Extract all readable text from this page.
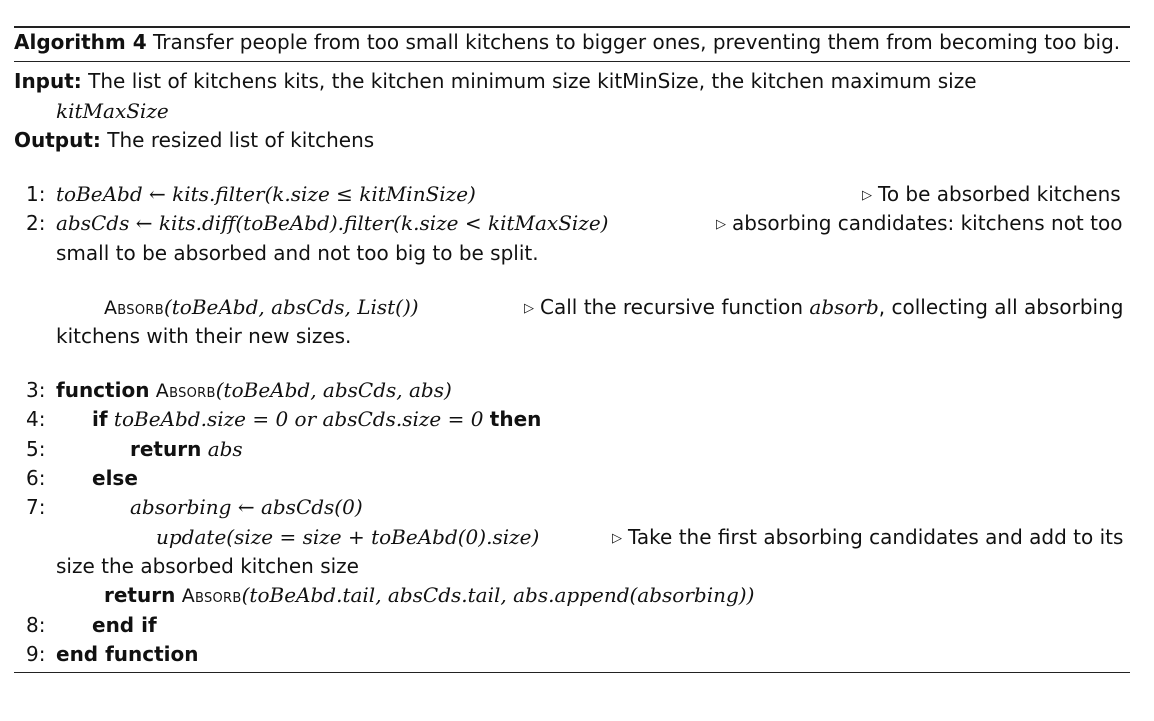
Algorithm 4 Transfer people from too small kitchens to bigger ones, preventing them from becoming too big.
Input: The list of kitchens kits, the kitchen minimum size kitMinSize, the kitchen maximum size
kitMaxSize
Output: The resized list of kitchens
1: toBeAbd ← kits.filter(k.size ≤ kitMinSize)	▷ To be absorbed kitchens
2: absCds ← kits.diff(toBeAbd).filter(k.size < kitMaxSize)	▷ absorbing candidates: kitchens not too
small to be absorbed and not too big to be split.
Absorb(toBeAbd, absCds, List())	▷ Call the recursive function absorb, collecting all absorbing
kitchens with their new sizes.
3: function Absorb(toBeAbd, absCds, abs)
4:	if toBeAbd.size = 0 or absCds.size = 0 then
5:	return abs
6:	else
7:	absorbing ← absCds(0)
update(size = size + toBeAbd(0).size)	▷ Take the first absorbing candidates and add to its
size the absorbed kitchen size
return Absorb(toBeAbd.tail, absCds.tail, abs.append(absorbing))
8:	end if
9: end function
